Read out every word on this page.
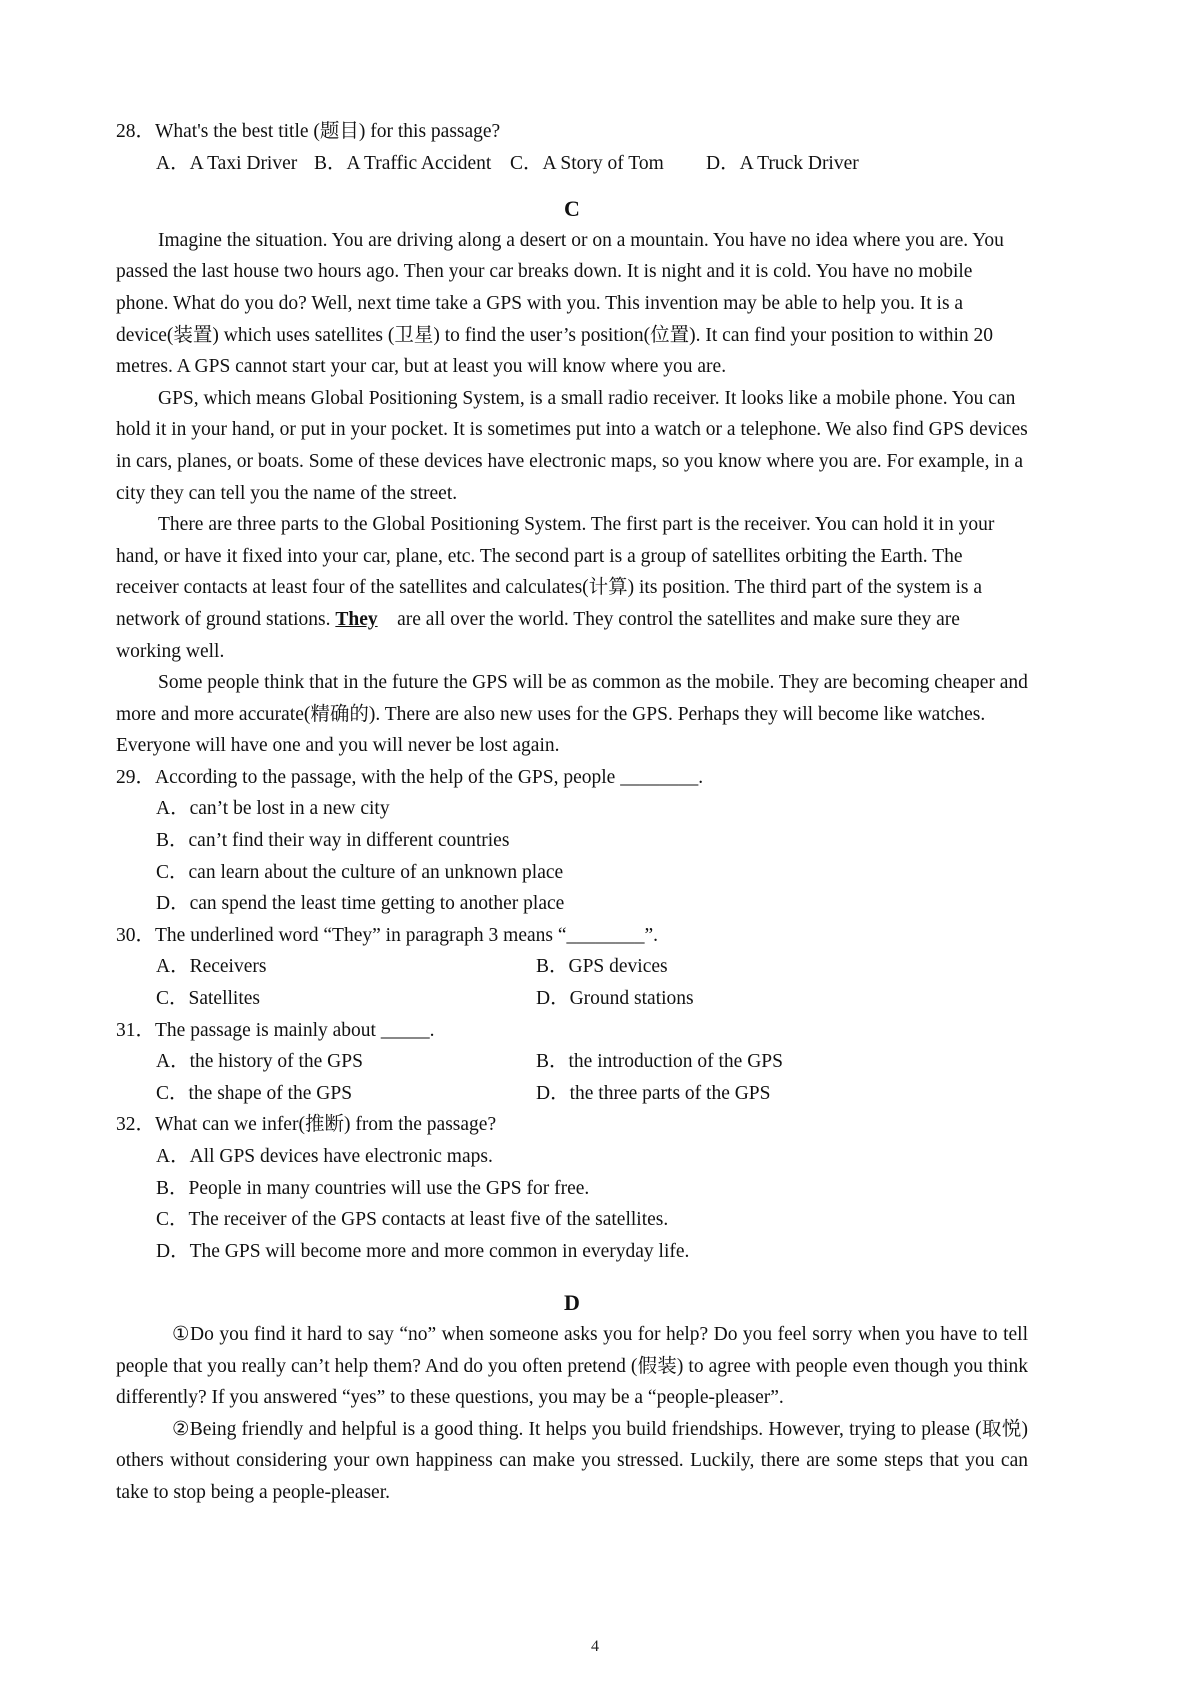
28．What's the best title (题目) for this passage?

A．A Taxi Driver B．A Traffic Accident C．A Story of Tom D．A Truck Driver

C

Imagine the situation. You are driving along a desert or on a mountain. You have no idea where you are. You passed the last house two hours ago. Then your car breaks down. It is night and it is cold. You have no mobile phone. What do you do? Well, next time take a GPS with you. This invention may be able to help you. It is a device(装置) which uses satellites (卫星) to find the user’s position(位置). It can find your position to within 20 metres. A GPS cannot start your car, but at least you will know where you are.

GPS, which means Global Positioning System, is a small radio receiver. It looks like a mobile phone. You can hold it in your hand, or put in your pocket. It is sometimes put into a watch or a telephone. We also find GPS devices in cars, planes, or boats. Some of these devices have electronic maps, so you know where you are. For example, in a city they can tell you the name of the street.

There are three parts to the Global Positioning System. The first part is the receiver. You can hold it in your hand, or have it fixed into your car, plane, etc. The second part is a group of satellites orbiting the Earth. The receiver contacts at least four of the satellites and calculates(计算) its position. The third part of the system is a network of ground stations. They    are all over the world. They control the satellites and make sure they are working well.

Some people think that in the future the GPS will be as common as the mobile. They are becoming cheaper and more and more accurate(精确的). There are also new uses for the GPS. Perhaps they will become like watches. Everyone will have one and you will never be lost again.

29．According to the passage, with the help of the GPS, people ________.

A．can’t be lost in a new city

B．can’t find their way in different countries

C．can learn about the culture of an unknown place

D．can spend the least time getting to another place

30．The underlined word “They” in paragraph 3 means “________”.

A．Receivers	B．GPS devices
C．Satellites	D．Ground stations

31．The passage is mainly about _____.

A．the history of the GPS	B．the introduction of the GPS
C．the shape of the GPS	D．the three parts of the GPS

32．What can we infer(推断) from the passage?

A．All GPS devices have electronic maps.

B．People in many countries will use the GPS for free.

C．The receiver of the GPS contacts at least five of the satellites.

D．The GPS will become more and more common in everyday life.

D

①Do you find it hard to say “no” when someone asks you for help? Do you feel sorry when you have to tell people that you really can’t help them? And do you often pretend (假装) to agree with people even though you think differently? If you answered “yes” to these questions, you may be a “people-pleaser”.

②Being friendly and helpful is a good thing. It helps you build friendships. However, trying to please (取悦) others without considering your own happiness can make you stressed. Luckily, there are some steps that you can take to stop being a people-pleaser.

4
